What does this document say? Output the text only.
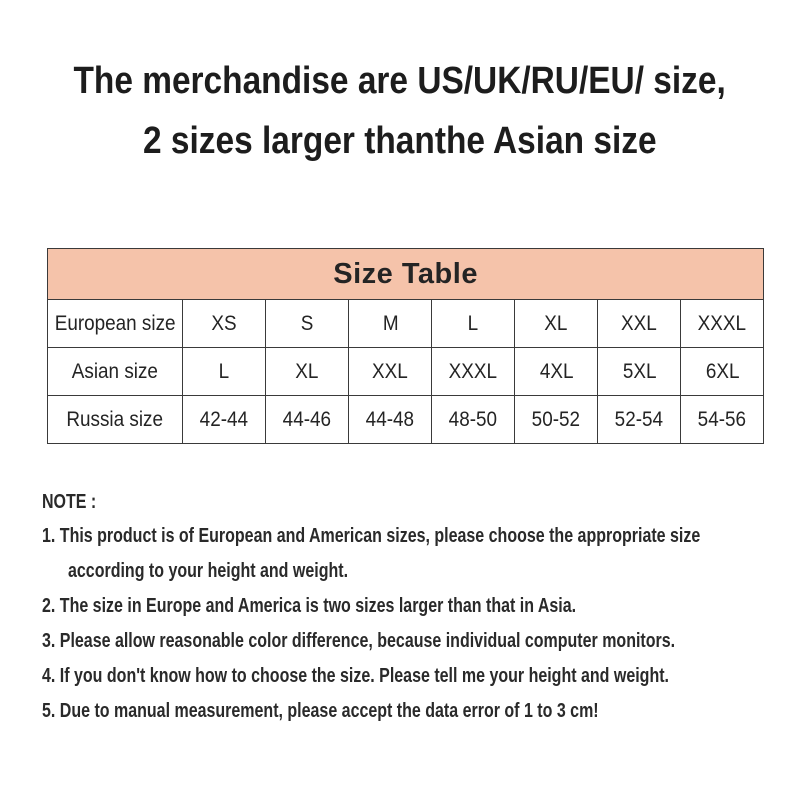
The merchandise are US/UK/RU/EU/ size,
2 sizes larger thanthe Asian size
Size Table							
European size	XS	S	M	L	XL	XXL	XXXL
Asian size	L	XL	XXL	XXXL	4XL	5XL	6XL
Russia size	42-44	44-46	44-48	48-50	50-52	52-54	54-56
NOTE :
1. This product is of European and American sizes, please choose the appropriate size
according to your height and weight.
2. The size in Europe and America is two sizes larger than that in Asia.
3. Please allow reasonable color difference, because individual computer monitors.
4. If you don't know how to choose the size. Please tell me your height and weight.
5. Due to manual measurement, please accept the data error of 1 to 3 cm!
